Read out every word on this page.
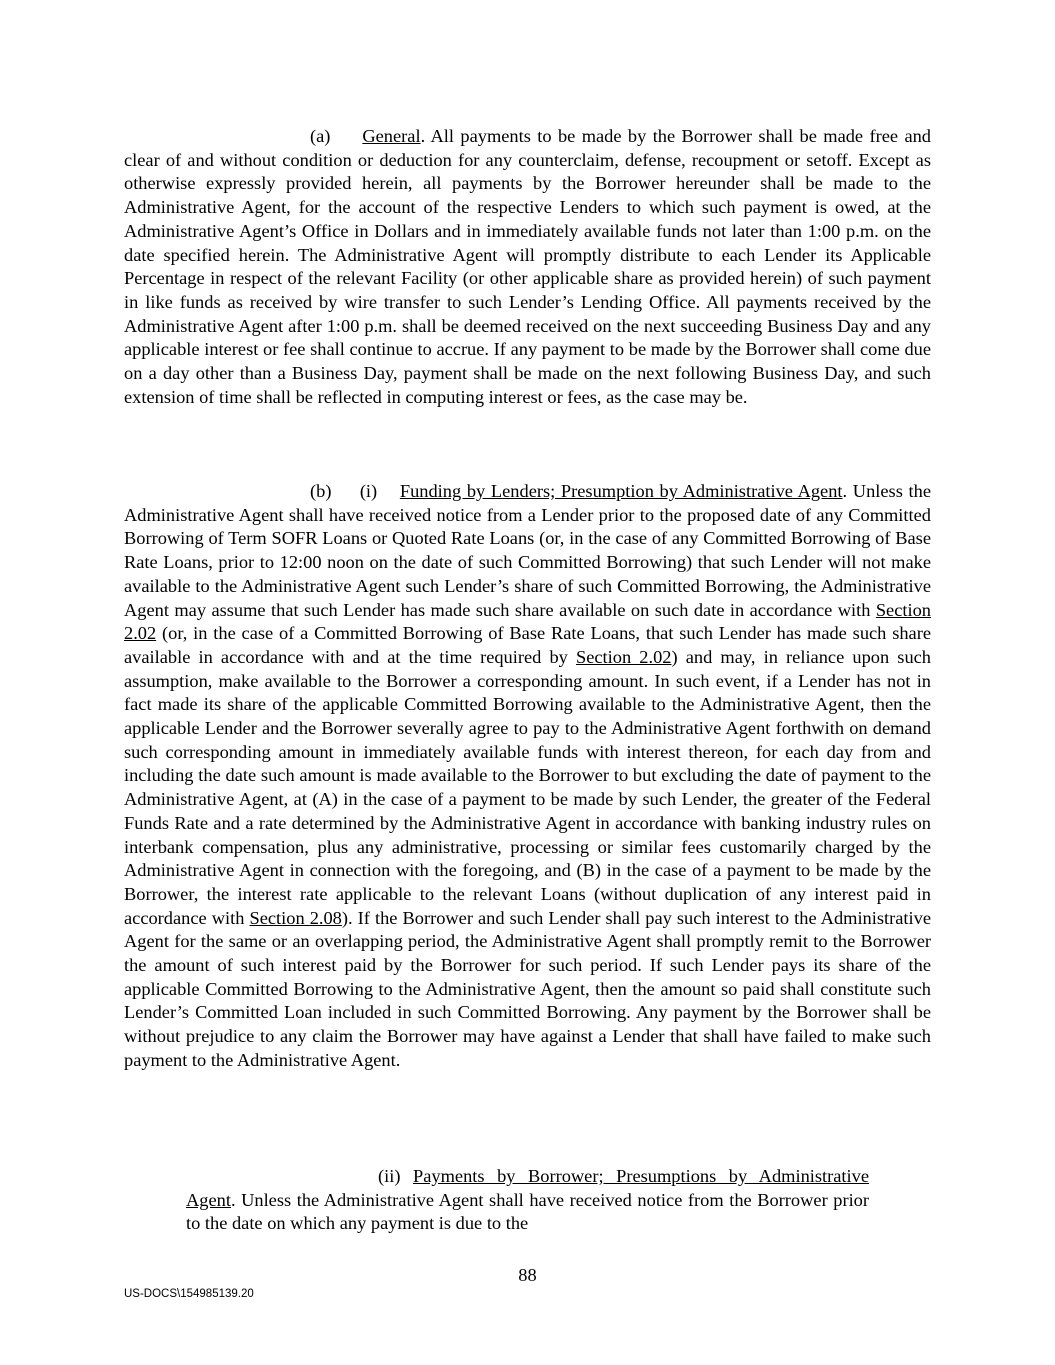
(a) General. All payments to be made by the Borrower shall be made free and clear of and without condition or deduction for any counterclaim, defense, recoupment or setoff. Except as otherwise expressly provided herein, all payments by the Borrower hereunder shall be made to the Administrative Agent, for the account of the respective Lenders to which such payment is owed, at the Administrative Agent’s Office in Dollars and in immediately available funds not later than 1:00 p.m. on the date specified herein. The Administrative Agent will promptly distribute to each Lender its Applicable Percentage in respect of the relevant Facility (or other applicable share as provided herein) of such payment in like funds as received by wire transfer to such Lender’s Lending Office. All payments received by the Administrative Agent after 1:00 p.m. shall be deemed received on the next succeeding Business Day and any applicable interest or fee shall continue to accrue. If any payment to be made by the Borrower shall come due on a day other than a Business Day, payment shall be made on the next following Business Day, and such extension of time shall be reflected in computing interest or fees, as the case may be.

(b) (i) Funding by Lenders; Presumption by Administrative Agent. Unless the Administrative Agent shall have received notice from a Lender prior to the proposed date of any Committed Borrowing of Term SOFR Loans or Quoted Rate Loans (or, in the case of any Committed Borrowing of Base Rate Loans, prior to 12:00 noon on the date of such Committed Borrowing) that such Lender will not make available to the Administrative Agent such Lender’s share of such Committed Borrowing, the Administrative Agent may assume that such Lender has made such share available on such date in accordance with Section 2.02 (or, in the case of a Committed Borrowing of Base Rate Loans, that such Lender has made such share available in accordance with and at the time required by Section 2.02) and may, in reliance upon such assumption, make available to the Borrower a corresponding amount. In such event, if a Lender has not in fact made its share of the applicable Committed Borrowing available to the Administrative Agent, then the applicable Lender and the Borrower severally agree to pay to the Administrative Agent forthwith on demand such corresponding amount in immediately available funds with interest thereon, for each day from and including the date such amount is made available to the Borrower to but excluding the date of payment to the Administrative Agent, at (A) in the case of a payment to be made by such Lender, the greater of the Federal Funds Rate and a rate determined by the Administrative Agent in accordance with banking industry rules on interbank compensation, plus any administrative, processing or similar fees customarily charged by the Administrative Agent in connection with the foregoing, and (B) in the case of a payment to be made by the Borrower, the interest rate applicable to the relevant Loans (without duplication of any interest paid in accordance with Section 2.08). If the Borrower and such Lender shall pay such interest to the Administrative Agent for the same or an overlapping period, the Administrative Agent shall promptly remit to the Borrower the amount of such interest paid by the Borrower for such period. If such Lender pays its share of the applicable Committed Borrowing to the Administrative Agent, then the amount so paid shall constitute such Lender’s Committed Loan included in such Committed Borrowing. Any payment by the Borrower shall be without prejudice to any claim the Borrower may have against a Lender that shall have failed to make such payment to the Administrative Agent.

(ii) Payments by Borrower; Presumptions by Administrative Agent. Unless the Administrative Agent shall have received notice from the Borrower prior to the date on which any payment is due to the

88
US-DOCS\154985139.20
